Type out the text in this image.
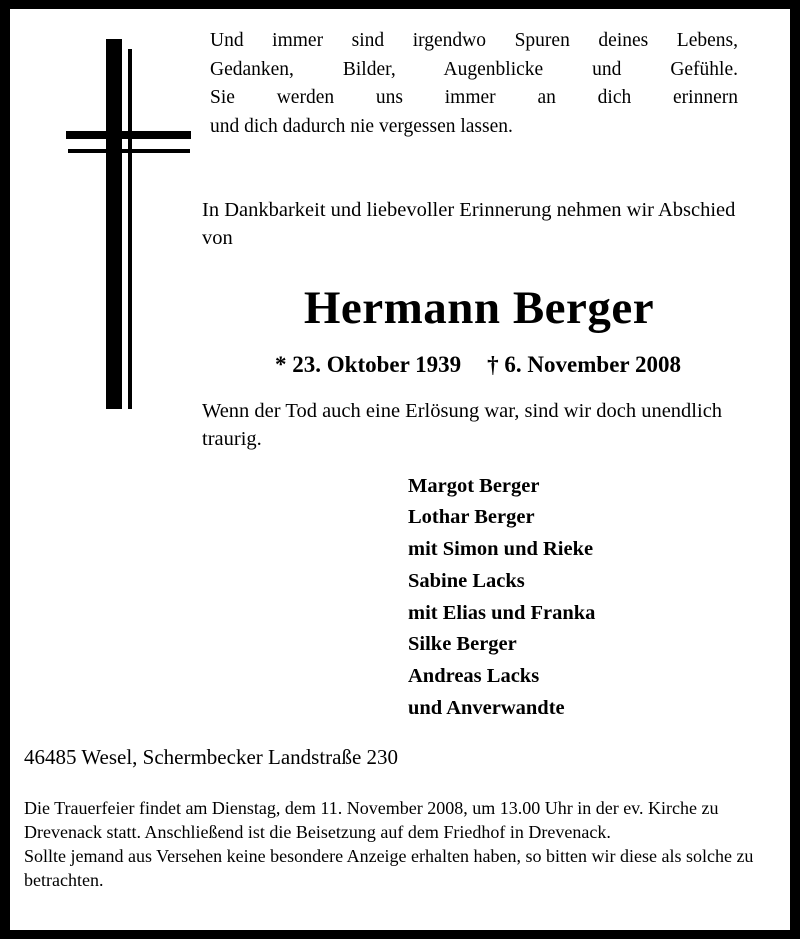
Und immer sind irgendwo Spuren deines Lebens,
Gedanken, Bilder, Augenblicke und Gefühle.
Sie werden uns immer an dich erinnern
und dich dadurch nie vergessen lassen.
In Dankbarkeit und liebevoller Erinnerung nehmen wir Abschied von
Hermann Berger
* 23. Oktober 1939 † 6. November 2008
Wenn der Tod auch eine Erlösung war, sind wir doch unendlich traurig.
Margot Berger
Lothar Berger
mit Simon und Rieke
Sabine Lacks
mit Elias und Franka
Silke Berger
Andreas Lacks
und Anverwandte
46485 Wesel, Schermbecker Landstraße 230

Die Trauerfeier findet am Dienstag, dem 11. November 2008, um 13.00 Uhr in der ev. Kirche zu Drevenack statt. Anschließend ist die Beisetzung auf dem Friedhof in Drevenack.

Sollte jemand aus Versehen keine besondere Anzeige erhalten haben, so bitten wir diese als solche zu betrachten.
